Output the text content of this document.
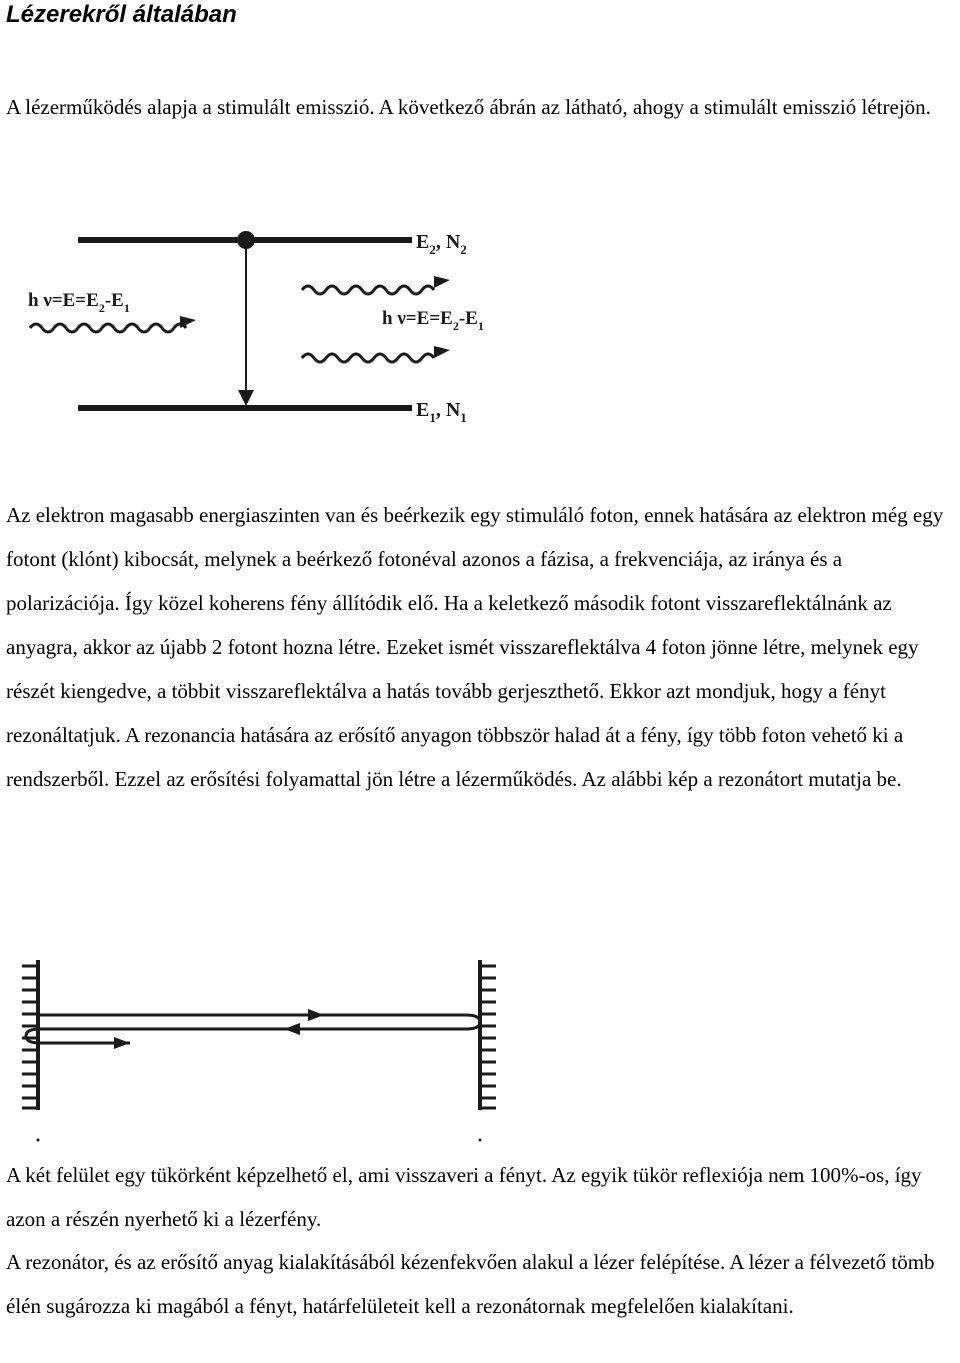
Lézerekről általában

A lézerműködés alapja a stimulált emisszió. A következő ábrán az látható, ahogy a stimulált emisszió létrejön.

$E_2$, $N_2$
$E_1$, $N_1$
h $\nu=E=E_2-E_1$	h $\nu=E=E_2-E_1$

Az elektron magasabb energiaszinten van és beérkezik egy stimuláló foton, ennek hatására az elektron még egy fotont (klónt) kibocsát, melynek a beérkező fotonéval azonos a fázisa, a frekvenciája, az iránya és a polarizációja. Így közel koherens fény állítódik elő. Ha a keletkező második fotont visszareflektálnánk az anyagra, akkor az újabb 2 fotont hozna létre. Ezeket ismét visszareflektálva 4 foton jönne létre, melynek egy részét kiengedve, a többit visszareflektálva a hatás tovább gerjeszthető. Ekkor azt mondjuk, hogy a fényt rezonáltatjuk. A rezonancia hatására az erősítő anyagon többször halad át a fény, így több foton vehető ki a rendszerből. Ezzel az erősítési folyamattal jön létre a lézerműködés. Az alábbi kép a rezonátort mutatja be.

A két felület egy tükörként képzelhető el, ami visszaveri a fényt. Az egyik tükör reflexiója nem 100%-os, így azon a részén nyerhető ki a lézerfény.

A rezonátor, és az erősítő anyag kialakításából kézenfekvően alakul a lézer felépítése. A lézer a félvezető tömb élén sugározza ki magából a fényt, határfelületeit kell a rezonátornak megfelelően kialakítani.
